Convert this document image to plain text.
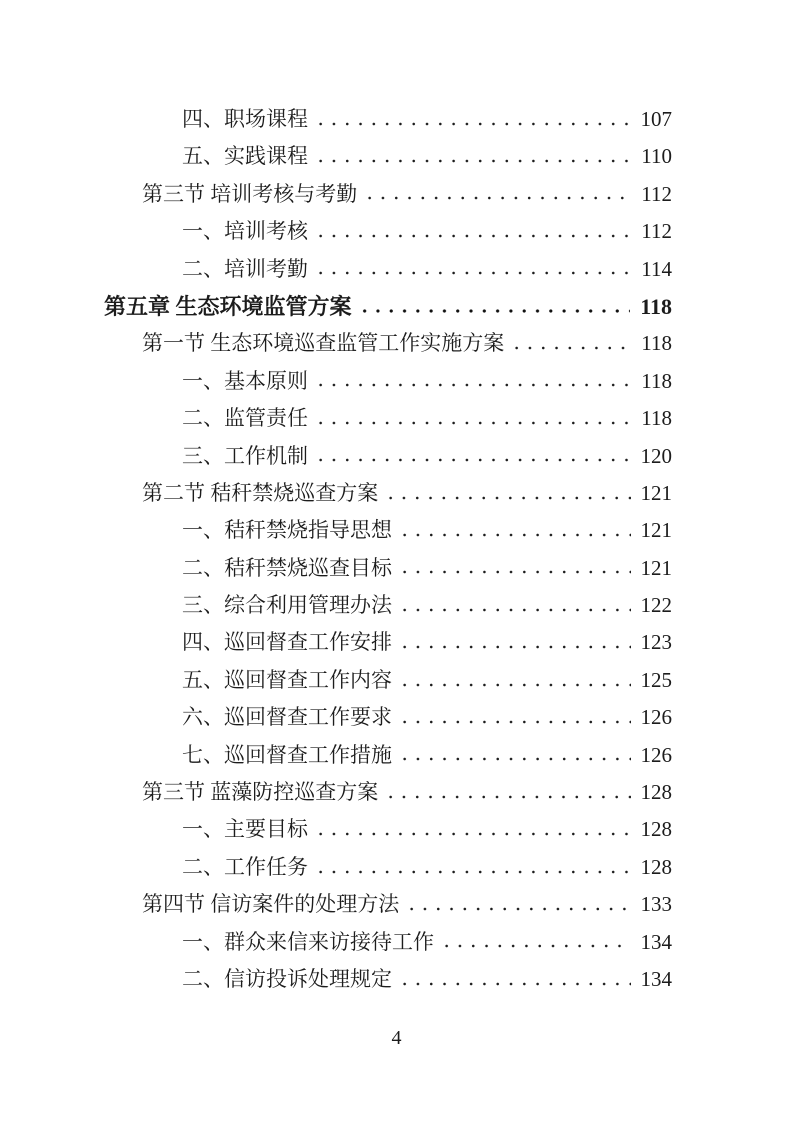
四、职场课程	107
五、实践课程	110
第三节 培训考核与考勤	112
一、培训考核	112
二、培训考勤	114
第五章 生态环境监管方案	118
第一节 生态环境巡查监管工作实施方案	118
一、基本原则	118
二、监管责任	118
三、工作机制	120
第二节 秸秆禁烧巡查方案	121
一、秸秆禁烧指导思想	121
二、秸秆禁烧巡查目标	121
三、综合利用管理办法	122
四、巡回督查工作安排	123
五、巡回督查工作内容	125
六、巡回督查工作要求	126
七、巡回督查工作措施	126
第三节 蓝藻防控巡查方案	128
一、主要目标	128
二、工作任务	128
第四节 信访案件的处理方法	133
一、群众来信来访接待工作	134
二、信访投诉处理规定	134
4
